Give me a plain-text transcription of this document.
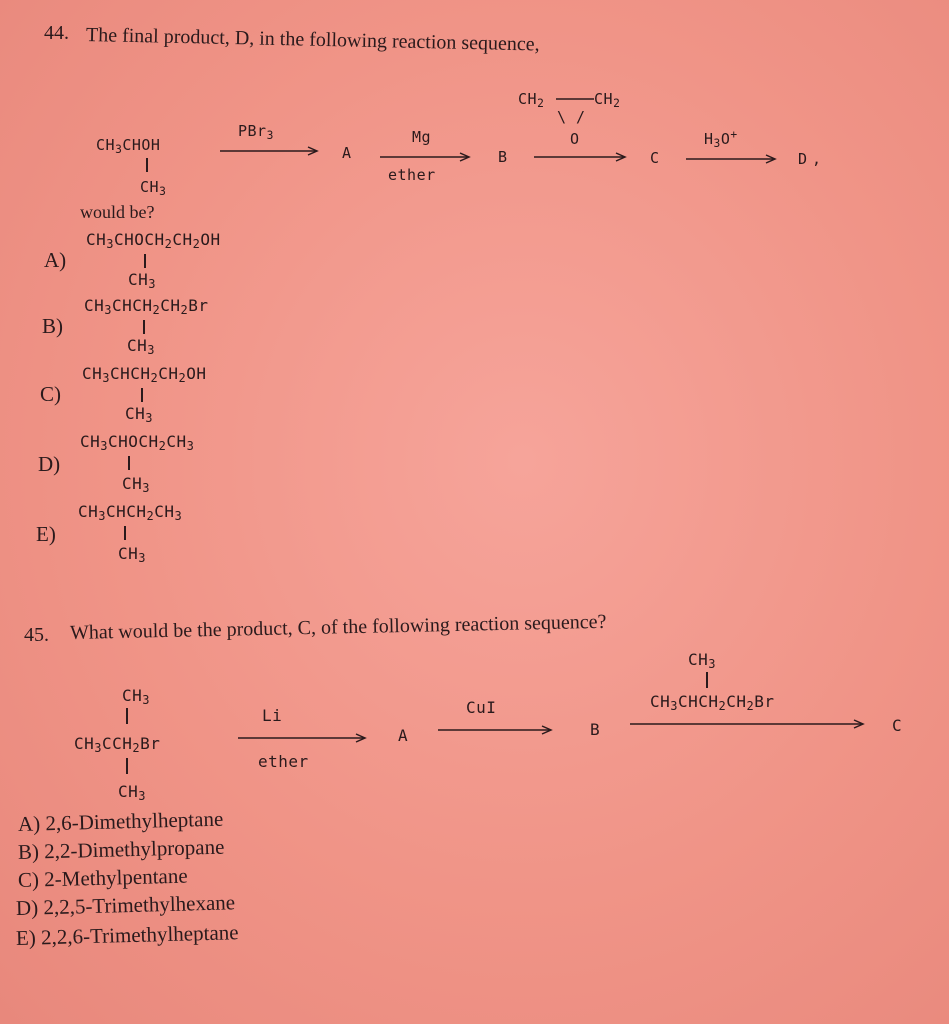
44. The final product, D, in the following reaction sequence,
$CH_3CHOH$
$CH_3$
PBr$_3$
A
Mg
ether
B
$CH_2$	$CH_2$
\ /
O
C
$H_3O^+$
D ,
would be?
A)
$CH_3CHOCH_2CH_2OH$
$CH_3$
B)
$CH_3CHCH_2CH_2Br$
$CH_3$
C)
$CH_3CHCH_2CH_2OH$
$CH_3$
D)
$CH_3CHOCH_2CH_3$
$CH_3$
E)
$CH_3CHCH_2CH_3$
$CH_3$
45. What would be the product, C, of the following reaction sequence?
$CH_3$
$CH_3CCH_2Br$
$CH_3$
Li
ether
A
CuI
B
$CH_3$
$CH_3CHCH_2CH_2Br$
C
A) 2,6-Dimethylheptane
B) 2,2-Dimethylpropane
C) 2-Methylpentane
D) 2,2,5-Trimethylhexane
E) 2,2,6-Trimethylheptane
